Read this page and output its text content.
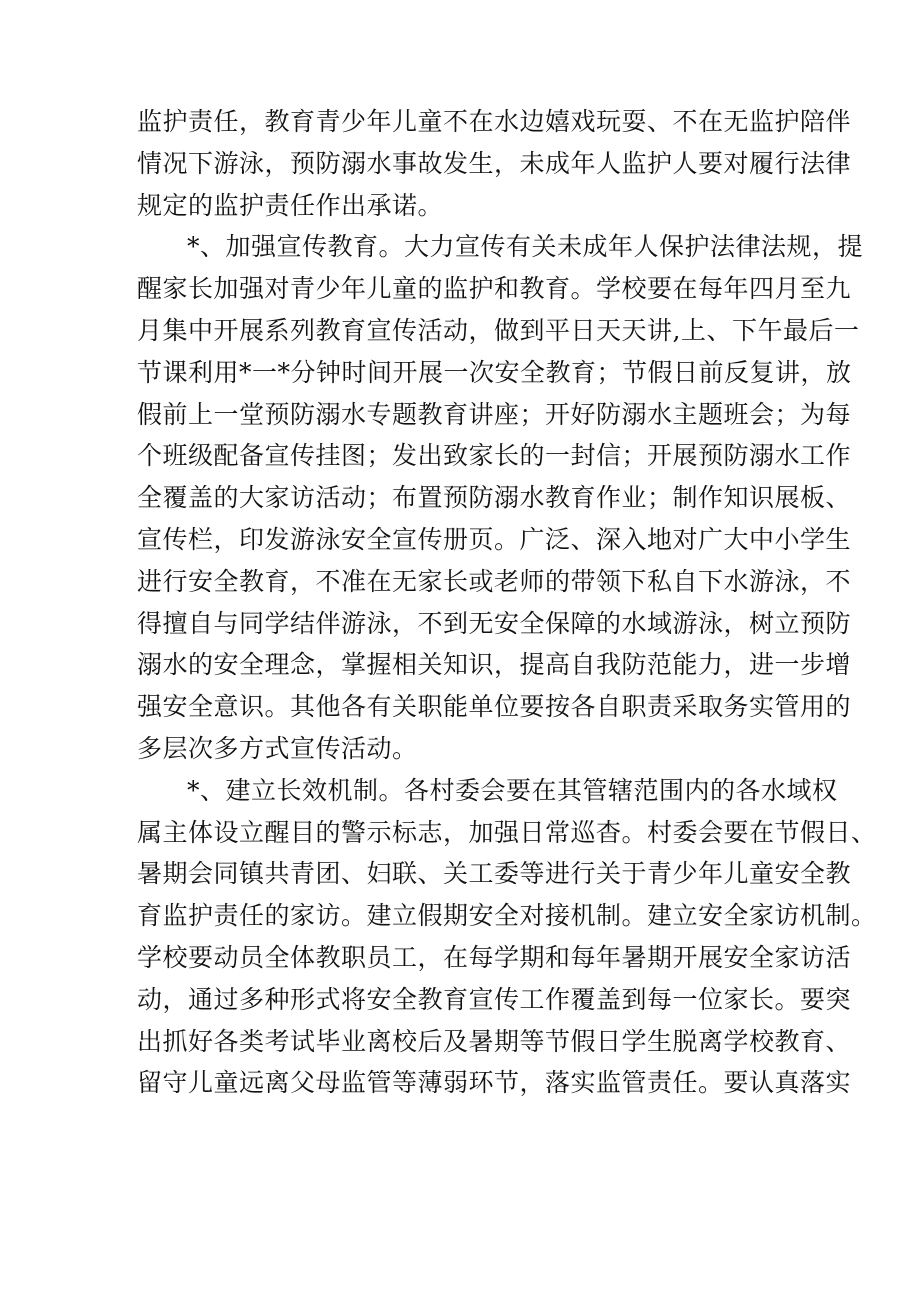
监护责任，教育青少年儿童不在水边嬉戏玩耍、不在无监护陪伴
情况下游泳，预防溺水事故发生，未成年人监护人要对履行法律
规定的监护责任作出承诺。
*、加强宣传教育。大力宣传有关未成年人保护法律法规，提
醒家长加强对青少年儿童的监护和教育。学校要在每年四月至九
月集中开展系列教育宣传活动，做到平日天天讲,上、下午最后一
节课利用*一*分钟时间开展一次安全教育；节假日前反复讲，放
假前上一堂预防溺水专题教育讲座；开好防溺水主题班会；为每
个班级配备宣传挂图；发出致家长的一封信；开展预防溺水工作
全覆盖的大家访活动；布置预防溺水教育作业；制作知识展板、
宣传栏，印发游泳安全宣传册页。广泛、深入地对广大中小学生
进行安全教育，不准在无家长或老师的带领下私自下水游泳，不
得擅自与同学结伴游泳，不到无安全保障的水域游泳，树立预防
溺水的安全理念，掌握相关知识，提高自我防范能力，进一步增
强安全意识。其他各有关职能单位要按各自职责采取务实管用的
多层次多方式宣传活动。
*、建立长效机制。各村委会要在其管辖范围内的各水域权
属主体设立醒目的警示标志，加强日常巡杳。村委会要在节假日、
暑期会同镇共青团、妇联、关工委等进行关于青少年儿童安全教
育监护责任的家访。建立假期安全对接机制。建立安全家访机制。
学校要动员全体教职员工，在每学期和每年暑期开展安全家访活
动，通过多种形式将安全教育宣传工作覆盖到每一位家长。要突
出抓好各类考试毕业离校后及暑期等节假日学生脱离学校教育、
留守儿童远离父母监管等薄弱环节，落实监管责任。要认真落实
